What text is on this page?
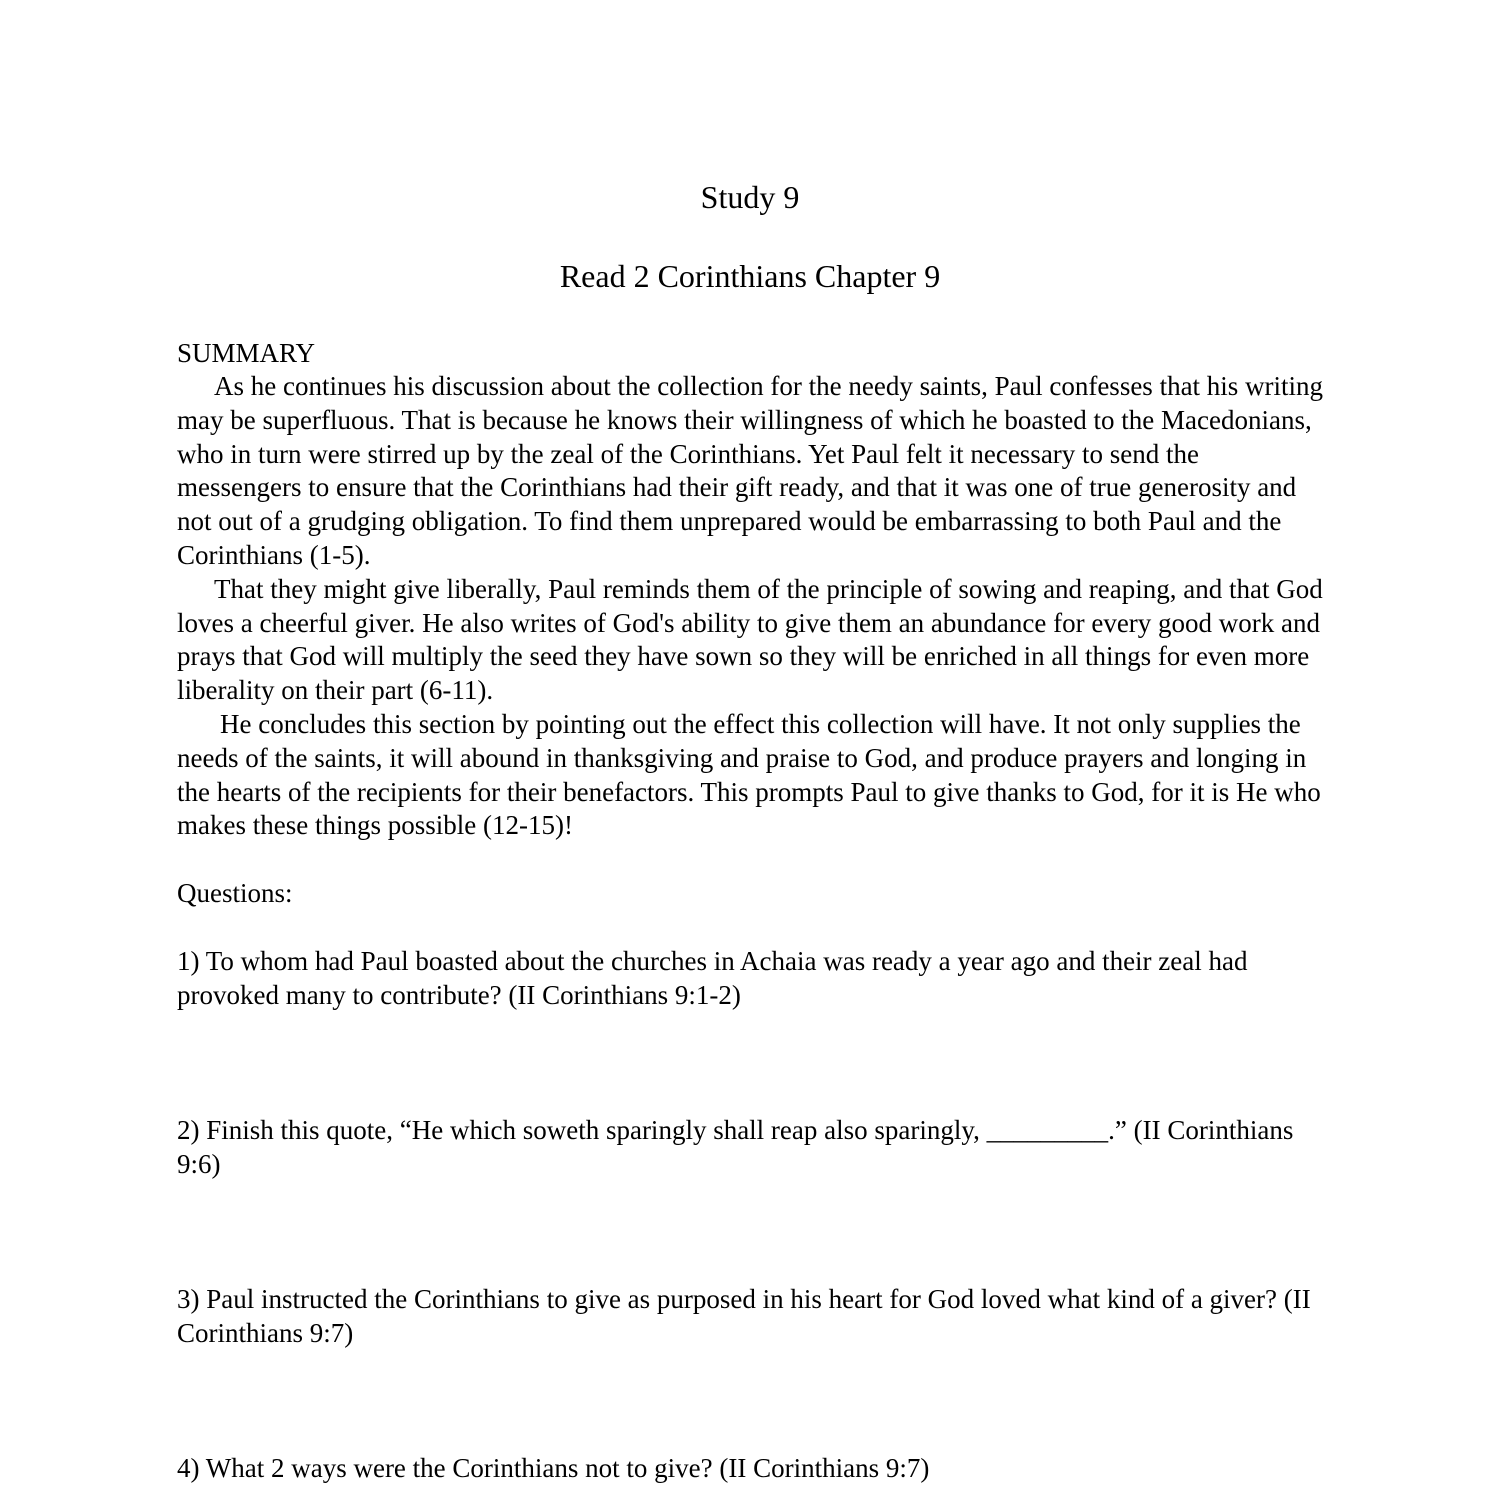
Study 9
Read 2 Corinthians Chapter 9
SUMMARY

As he continues his discussion about the collection for the needy saints, Paul confesses that his writing may be superfluous. That is because he knows their willingness of which he boasted to the Macedonians, who in turn were stirred up by the zeal of the Corinthians. Yet Paul felt it necessary to send the messengers to ensure that the Corinthians had their gift ready, and that it was one of true generosity and not out of a grudging obligation. To find them unprepared would be embarrassing to both Paul and the Corinthians (1-5).

That they might give liberally, Paul reminds them of the principle of sowing and reaping, and that God loves a cheerful giver. He also writes of God's ability to give them an abundance for every good work and prays that God will multiply the seed they have sown so they will be enriched in all things for even more liberality on their part (6-11).

He concludes this section by pointing out the effect this collection will have. It not only supplies the needs of the saints, it will abound in thanksgiving and praise to God, and produce prayers and longing in the hearts of the recipients for their benefactors. This prompts Paul to give thanks to God, for it is He who makes these things possible (12-15)!

Questions:

1) To whom had Paul boasted about the churches in Achaia was ready a year ago and their zeal had provoked many to contribute? (II Corinthians 9:1-2)

2) Finish this quote, “He which soweth sparingly shall reap also sparingly, _________.” (II Corinthians 9:6)

3) Paul instructed the Corinthians to give as purposed in his heart for God loved what kind of a giver? (II Corinthians 9:7)

4) What 2 ways were the Corinthians not to give? (II Corinthians 9:7)
